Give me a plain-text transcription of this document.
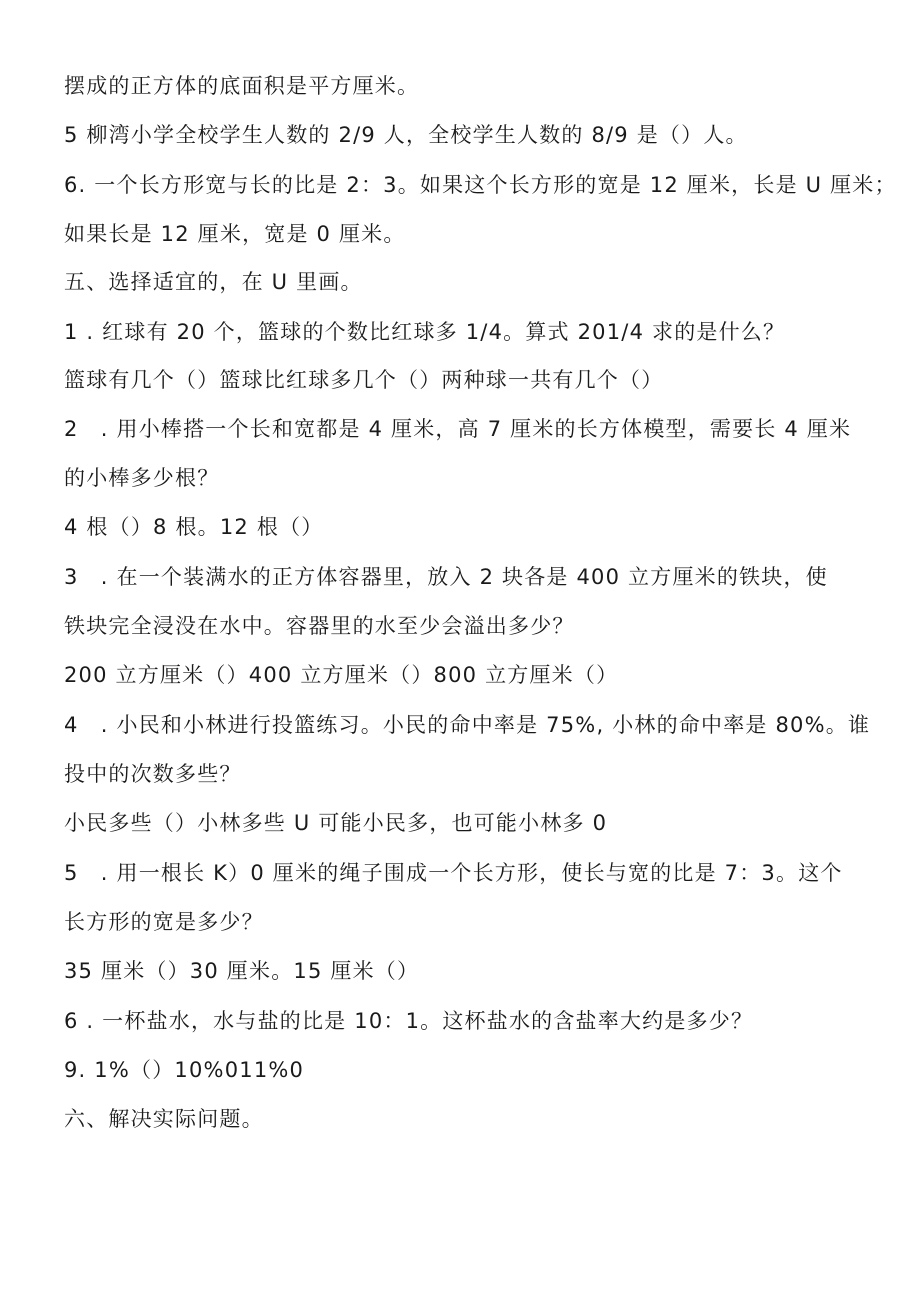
摆成的正方体的底面积是平方厘米。
5 柳湾小学全校学生人数的 2/9 人，全校学生人数的 8/9 是（）人。
6. 一个长方形宽与长的比是 2：3。如果这个长方形的宽是 12 厘米，长是 U 厘米；
如果长是 12 厘米，宽是 0 厘米。
五、选择适宜的，在 U 里画。
1 . 红球有 20 个，篮球的个数比红球多 1/4。算式 201/4 求的是什么？
篮球有几个（）篮球比红球多几个（）两种球一共有几个（）
2　. 用小棒搭一个长和宽都是 4 厘米，高 7 厘米的长方体模型，需要长 4 厘米
的小棒多少根？
4 根（）8 根。12 根（）
3　. 在一个装满水的正方体容器里，放入 2 块各是 400 立方厘米的铁块，使
铁块完全浸没在水中。容器里的水至少会溢出多少？
200 立方厘米（）400 立方厘米（）800 立方厘米（）
4　. 小民和小林进行投篮练习。小民的命中率是 75%, 小林的命中率是 80%。谁
投中的次数多些？
小民多些（）小林多些 U 可能小民多，也可能小林多 0
5　. 用一根长 K）0 厘米的绳子围成一个长方形，使长与宽的比是 7：3。这个
长方形的宽是多少？
35 厘米（）30 厘米。15 厘米（）
6 . 一杯盐水，水与盐的比是 10：1。这杯盐水的含盐率大约是多少？
9. 1%（）10%011%0
六、解决实际问题。
